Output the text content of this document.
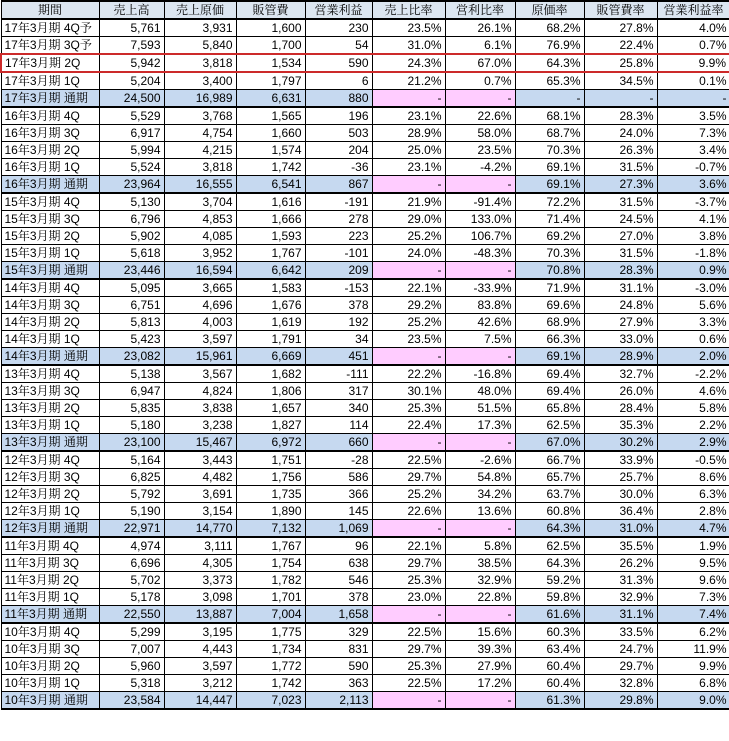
期間	売上高	売上原価	販管費	営業利益	売上比率	営利比率	原価率	販管費率	営業利益率
17年3月期 4Q予	5,761	3,931	1,600	230	23.5%	26.1%	68.2%	27.8%	4.0%
17年3月期 3Q予	7,593	5,840	1,700	54	31.0%	6.1%	76.9%	22.4%	0.7%
17年3月期 2Q	5,942	3,818	1,534	590	24.3%	67.0%	64.3%	25.8%	9.9%
17年3月期 1Q	5,204	3,400	1,797	6	21.2%	0.7%	65.3%	34.5%	0.1%
17年3月期 通期	24,500	16,989	6,631	880	-	-	-	-	-
16年3月期 4Q	5,529	3,768	1,565	196	23.1%	22.6%	68.1%	28.3%	3.5%
16年3月期 3Q	6,917	4,754	1,660	503	28.9%	58.0%	68.7%	24.0%	7.3%
16年3月期 2Q	5,994	4,215	1,574	204	25.0%	23.5%	70.3%	26.3%	3.4%
16年3月期 1Q	5,524	3,818	1,742	-36	23.1%	-4.2%	69.1%	31.5%	-0.7%
16年3月期 通期	23,964	16,555	6,541	867	-	-	69.1%	27.3%	3.6%
15年3月期 4Q	5,130	3,704	1,616	-191	21.9%	-91.4%	72.2%	31.5%	-3.7%
15年3月期 3Q	6,796	4,853	1,666	278	29.0%	133.0%	71.4%	24.5%	4.1%
15年3月期 2Q	5,902	4,085	1,593	223	25.2%	106.7%	69.2%	27.0%	3.8%
15年3月期 1Q	5,618	3,952	1,767	-101	24.0%	-48.3%	70.3%	31.5%	-1.8%
15年3月期 通期	23,446	16,594	6,642	209	-	-	70.8%	28.3%	0.9%
14年3月期 4Q	5,095	3,665	1,583	-153	22.1%	-33.9%	71.9%	31.1%	-3.0%
14年3月期 3Q	6,751	4,696	1,676	378	29.2%	83.8%	69.6%	24.8%	5.6%
14年3月期 2Q	5,813	4,003	1,619	192	25.2%	42.6%	68.9%	27.9%	3.3%
14年3月期 1Q	5,423	3,597	1,791	34	23.5%	7.5%	66.3%	33.0%	0.6%
14年3月期 通期	23,082	15,961	6,669	451	-	-	69.1%	28.9%	2.0%
13年3月期 4Q	5,138	3,567	1,682	-111	22.2%	-16.8%	69.4%	32.7%	-2.2%
13年3月期 3Q	6,947	4,824	1,806	317	30.1%	48.0%	69.4%	26.0%	4.6%
13年3月期 2Q	5,835	3,838	1,657	340	25.3%	51.5%	65.8%	28.4%	5.8%
13年3月期 1Q	5,180	3,238	1,827	114	22.4%	17.3%	62.5%	35.3%	2.2%
13年3月期 通期	23,100	15,467	6,972	660	-	-	67.0%	30.2%	2.9%
12年3月期 4Q	5,164	3,443	1,751	-28	22.5%	-2.6%	66.7%	33.9%	-0.5%
12年3月期 3Q	6,825	4,482	1,756	586	29.7%	54.8%	65.7%	25.7%	8.6%
12年3月期 2Q	5,792	3,691	1,735	366	25.2%	34.2%	63.7%	30.0%	6.3%
12年3月期 1Q	5,190	3,154	1,890	145	22.6%	13.6%	60.8%	36.4%	2.8%
12年3月期 通期	22,971	14,770	7,132	1,069	-	-	64.3%	31.0%	4.7%
11年3月期 4Q	4,974	3,111	1,767	96	22.1%	5.8%	62.5%	35.5%	1.9%
11年3月期 3Q	6,696	4,305	1,754	638	29.7%	38.5%	64.3%	26.2%	9.5%
11年3月期 2Q	5,702	3,373	1,782	546	25.3%	32.9%	59.2%	31.3%	9.6%
11年3月期 1Q	5,178	3,098	1,701	378	23.0%	22.8%	59.8%	32.9%	7.3%
11年3月期 通期	22,550	13,887	7,004	1,658	-	-	61.6%	31.1%	7.4%
10年3月期 4Q	5,299	3,195	1,775	329	22.5%	15.6%	60.3%	33.5%	6.2%
10年3月期 3Q	7,007	4,443	1,734	831	29.7%	39.3%	63.4%	24.7%	11.9%
10年3月期 2Q	5,960	3,597	1,772	590	25.3%	27.9%	60.4%	29.7%	9.9%
10年3月期 1Q	5,318	3,212	1,742	363	22.5%	17.2%	60.4%	32.8%	6.8%
10年3月期 通期	23,584	14,447	7,023	2,113	-	-	61.3%	29.8%	9.0%
